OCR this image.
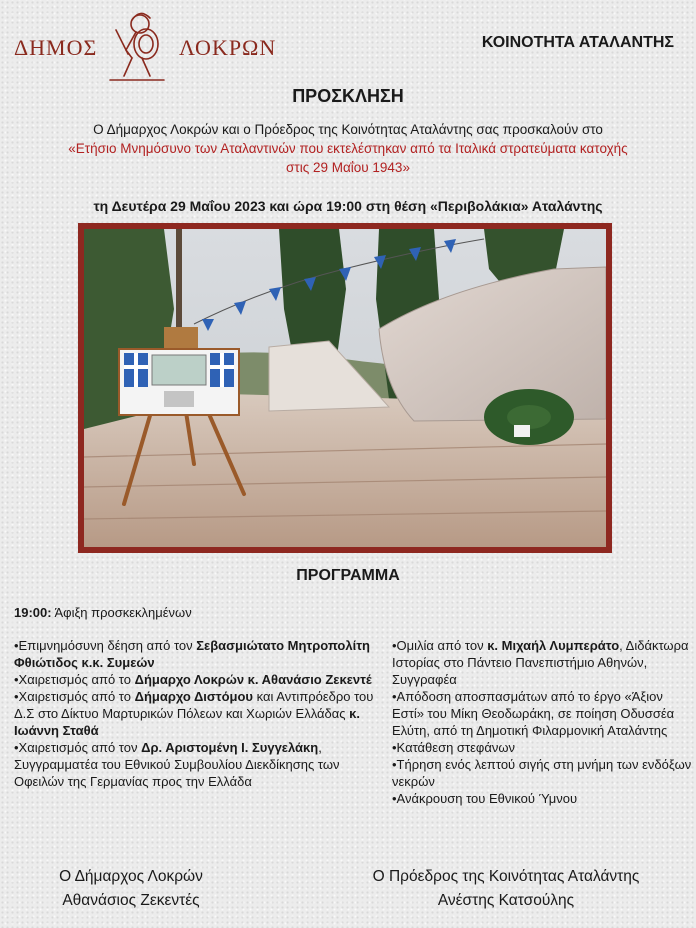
ΔΗΜΟΣ	ΛΟΚΡΩΝ	ΚΟΙΝΟΤΗΤΑ ΑΤΑΛΑΝΤΗΣ
ΠΡΟΣΚΛΗΣΗ
Ο Δήμαρχος Λοκρών και ο Πρόεδρος της Κοινότητας Αταλάντης σας προσκαλούν στο
«Ετήσιο Μνημόσυνο των Αταλαντινών που εκτελέστηκαν από τα Ιταλικά στρατεύματα κατοχής
στις 29 Μαΐου 1943»
τη Δευτέρα 29 Μαΐου 2023 και ώρα 19:00 στη θέση «Περιβολάκια» Αταλάντης
ΠΡΟΓΡΑΜΜΑ
19:00: Άφιξη προσκεκλημένων

•Επιμνημόσυνη δέηση από τον Σεβασμιώτατο Μητροπολίτη Φθιώτιδος κ.κ. Συμεών

•Χαιρετισμός από το Δήμαρχο Λοκρών κ. Αθανάσιο Ζεκεντέ

•Χαιρετισμός από το Δήμαρχο Διστόμου και Αντιπρόεδρο του Δ.Σ στο Δίκτυο Μαρτυρικών Πόλεων και Χωριών Ελλάδας κ. Ιωάννη Σταθά

•Χαιρετισμός από τον Δρ. Αριστομένη Ι. Συγγελάκη, Συγγραμματέα του Εθνικού Συμβουλίου Διεκδίκησης των Οφειλών της Γερμανίας προς την Ελλάδα

•Ομιλία από τον κ. Μιχαήλ Λυμπεράτο, Διδάκτωρα Ιστορίας στο Πάντειο Πανεπιστήμιο Αθηνών, Συγγραφέα

•Απόδοση αποσπασμάτων από το έργο «Άξιον Εστί» του Μίκη Θεοδωράκη, σε ποίηση Οδυσσέα Ελύτη, από τη Δημοτική Φιλαρμονική Αταλάντης

•Κατάθεση στεφάνων

•Τήρηση ενός λεπτού σιγής στη μνήμη των ενδόξων νεκρών

•Ανάκρουση του Εθνικού Ύμνου

Ο Δήμαρχος Λοκρών
Αθανάσιος Ζεκεντές
Ο Πρόεδρος της Κοινότητας Αταλάντης
Ανέστης Κατσούλης
